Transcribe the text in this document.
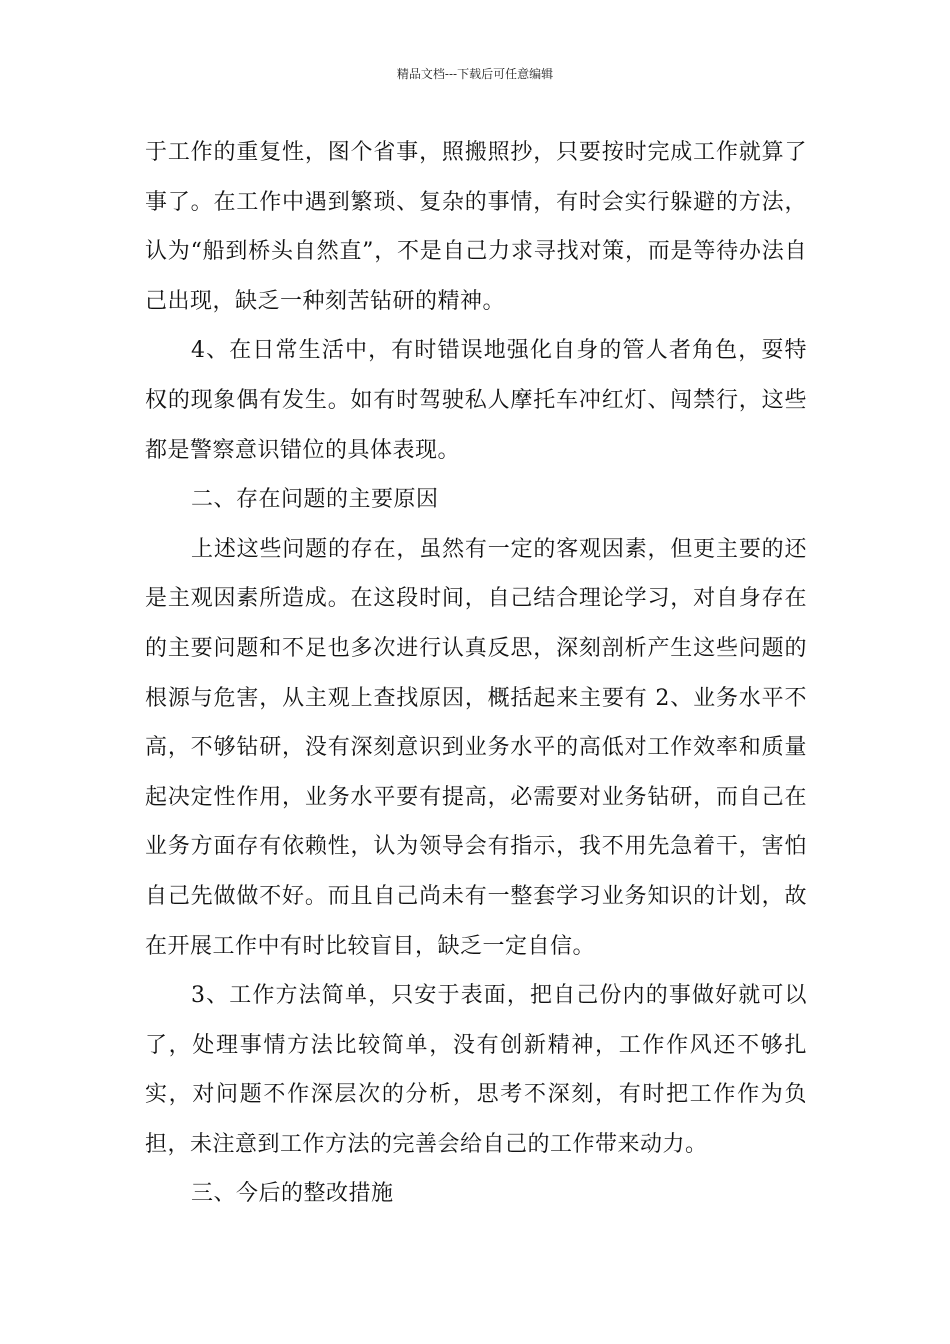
精品文档---下载后可任意编辑

于工作的重复性，图个省事，照搬照抄，只要按时完成工作就算了事了。在工作中遇到繁琐、复杂的事情，有时会实行躲避的方法，认为“船到桥头自然直”，不是自己力求寻找对策，而是等待办法自己出现，缺乏一种刻苦钻研的精神。

4、在日常生活中，有时错误地强化自身的管人者角色，耍特权的现象偶有发生。如有时驾驶私人摩托车冲红灯、闯禁行，这些都是警察意识错位的具体表现。

二、存在问题的主要原因

上述这些问题的存在，虽然有一定的客观因素，但更主要的还是主观因素所造成。在这段时间，自己结合理论学习，对自身存在的主要问题和不足也多次进行认真反思，深刻剖析产生这些问题的根源与危害，从主观上查找原因，概括起来主要有 2、业务水平不高，不够钻研，没有深刻意识到业务水平的高低对工作效率和质量起决定性作用，业务水平要有提高，必需要对业务钻研，而自己在业务方面存有依赖性，认为领导会有指示，我不用先急着干，害怕自己先做做不好。而且自己尚未有一整套学习业务知识的计划，故在开展工作中有时比较盲目，缺乏一定自信。

3、工作方法简单，只安于表面，把自己份内的事做好就可以了，处理事情方法比较简单，没有创新精神，工作作风还不够扎实，对问题不作深层次的分析，思考不深刻，有时把工作作为负担，未注意到工作方法的完善会给自己的工作带来动力。

三、今后的整改措施
